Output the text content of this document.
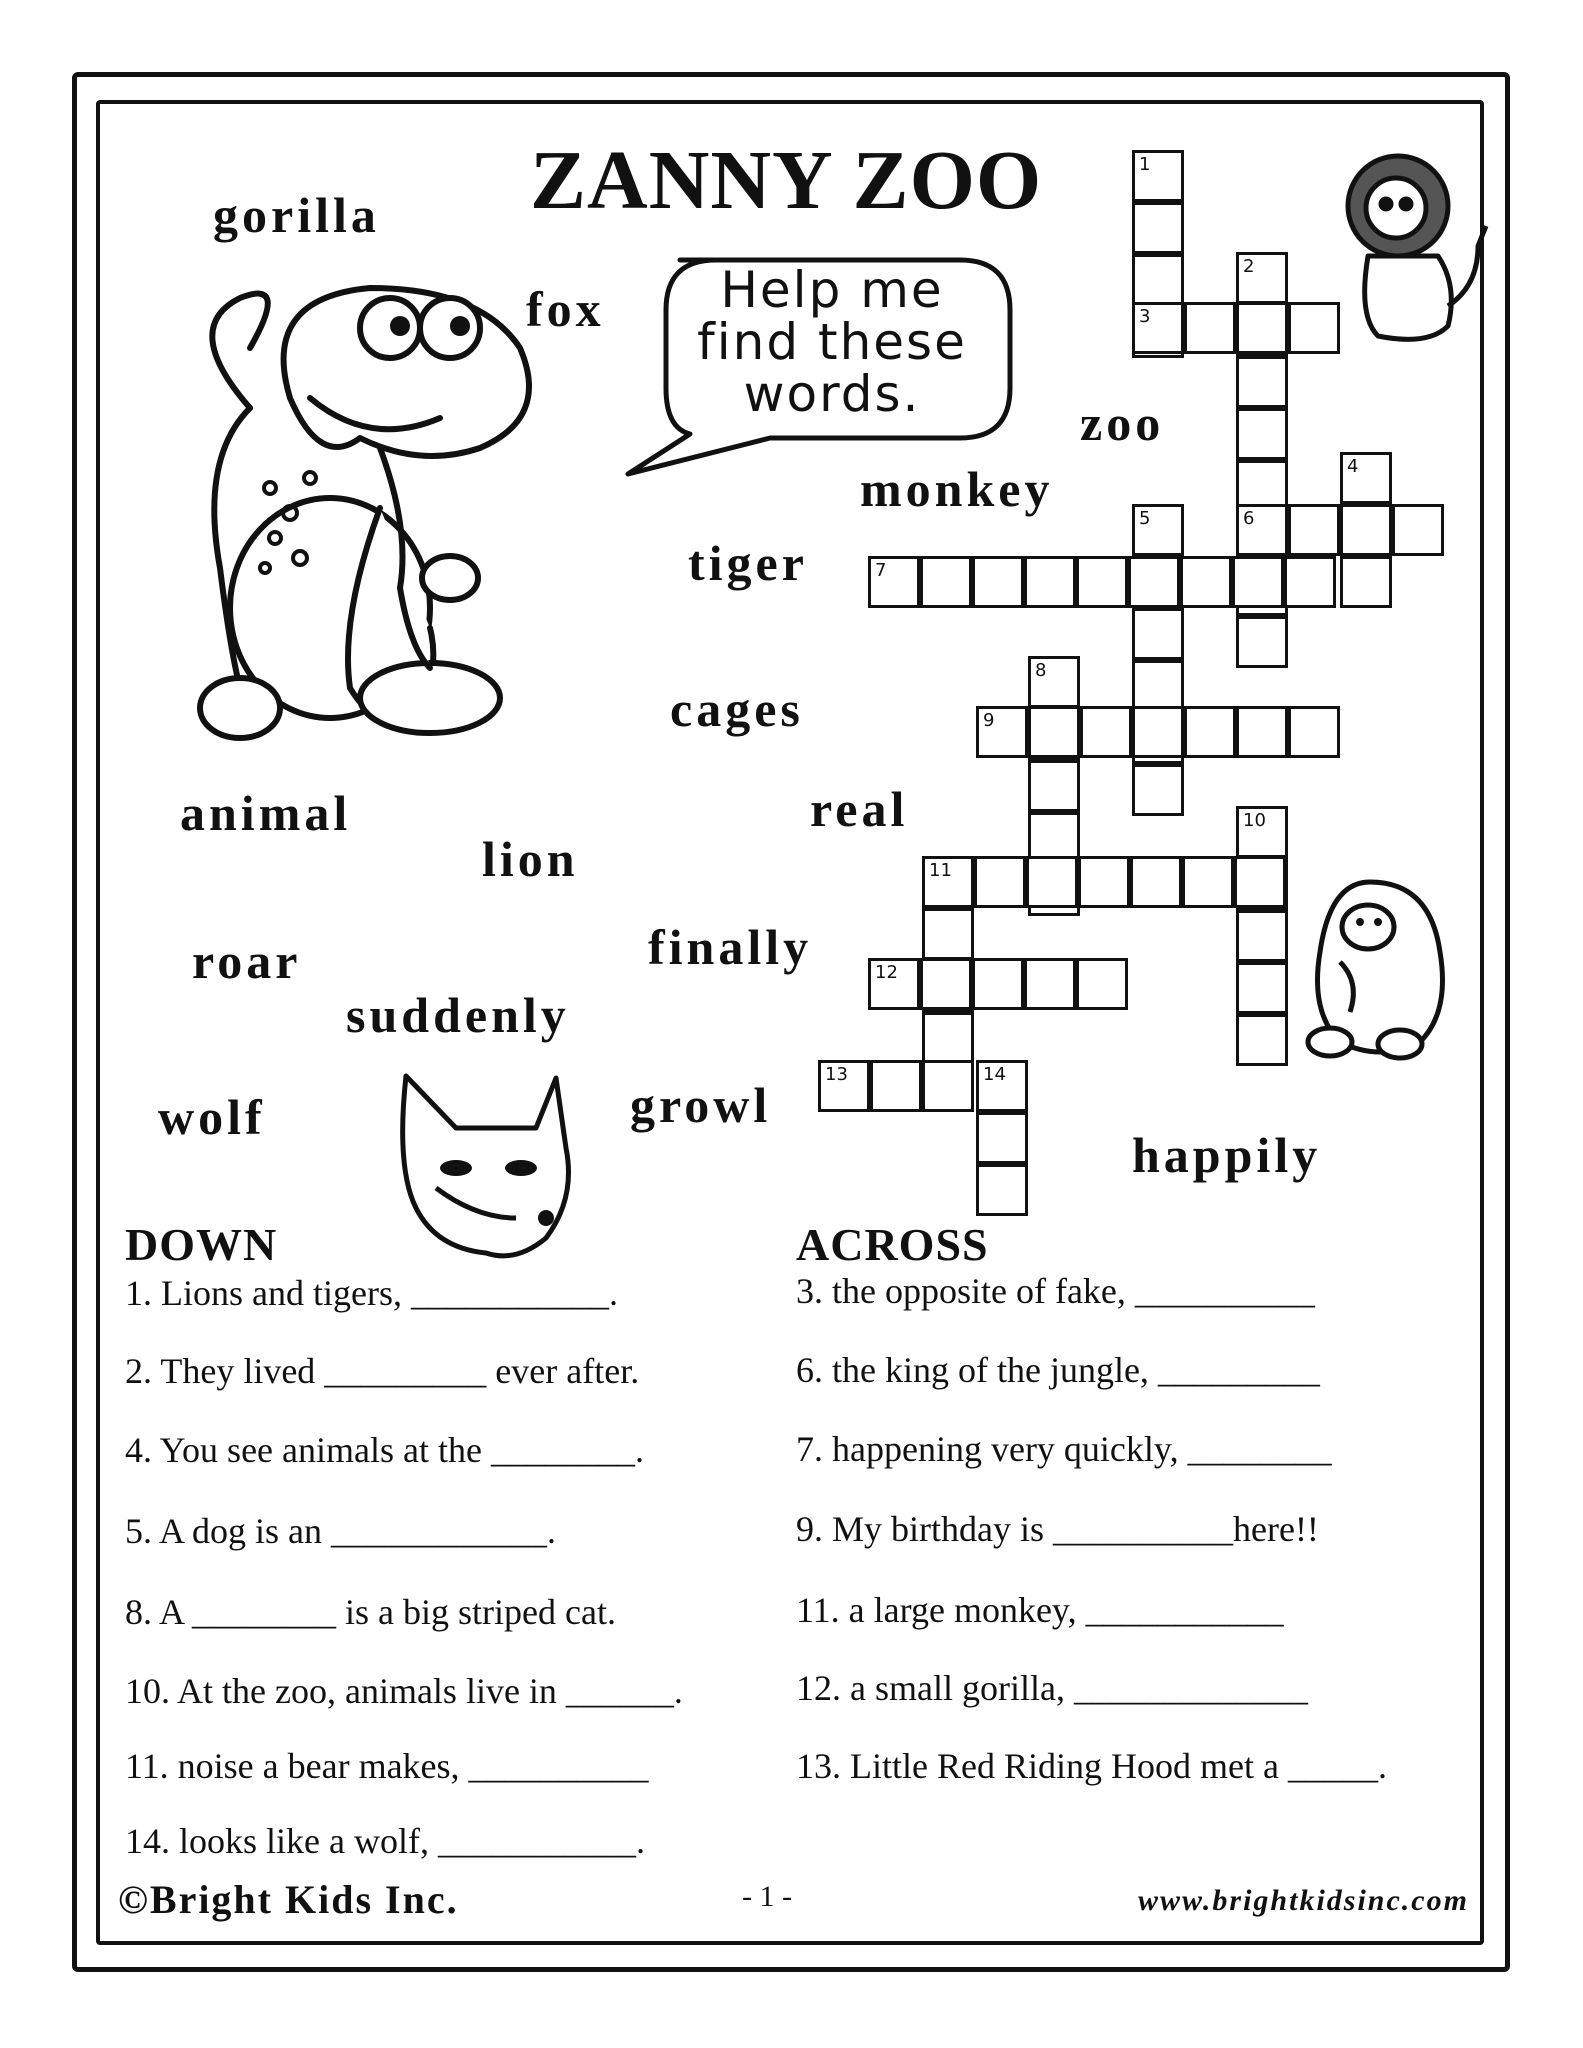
ZANNY ZOO
gorilla
fox
zoo
monkey
tiger
cages
animal
lion
real
roar	finally
suddenly
wolf	growl
happily
Help me
find these
words.
1
2
3
4
5	6
7
8
9
10
11
12
13	14
DOWN
1. Lions and tigers, ___________.
2. They lived _________ ever after.
4. You see animals at the ________.
5. A dog is an ____________.
8. A ________ is a big striped cat.
10. At the zoo, animals live in ______.
11. noise a bear makes, __________
14. looks like a wolf, ___________.
ACROSS
3. the opposite of fake, __________
6. the king of the jungle, _________
7. happening very quickly, ________
9. My birthday is __________here!!
11. a large monkey, ___________
12. a small gorilla, _____________
13. Little Red Riding Hood met a _____.
©Bright Kids Inc.	- 1 -	www.brightkidsinc.com
